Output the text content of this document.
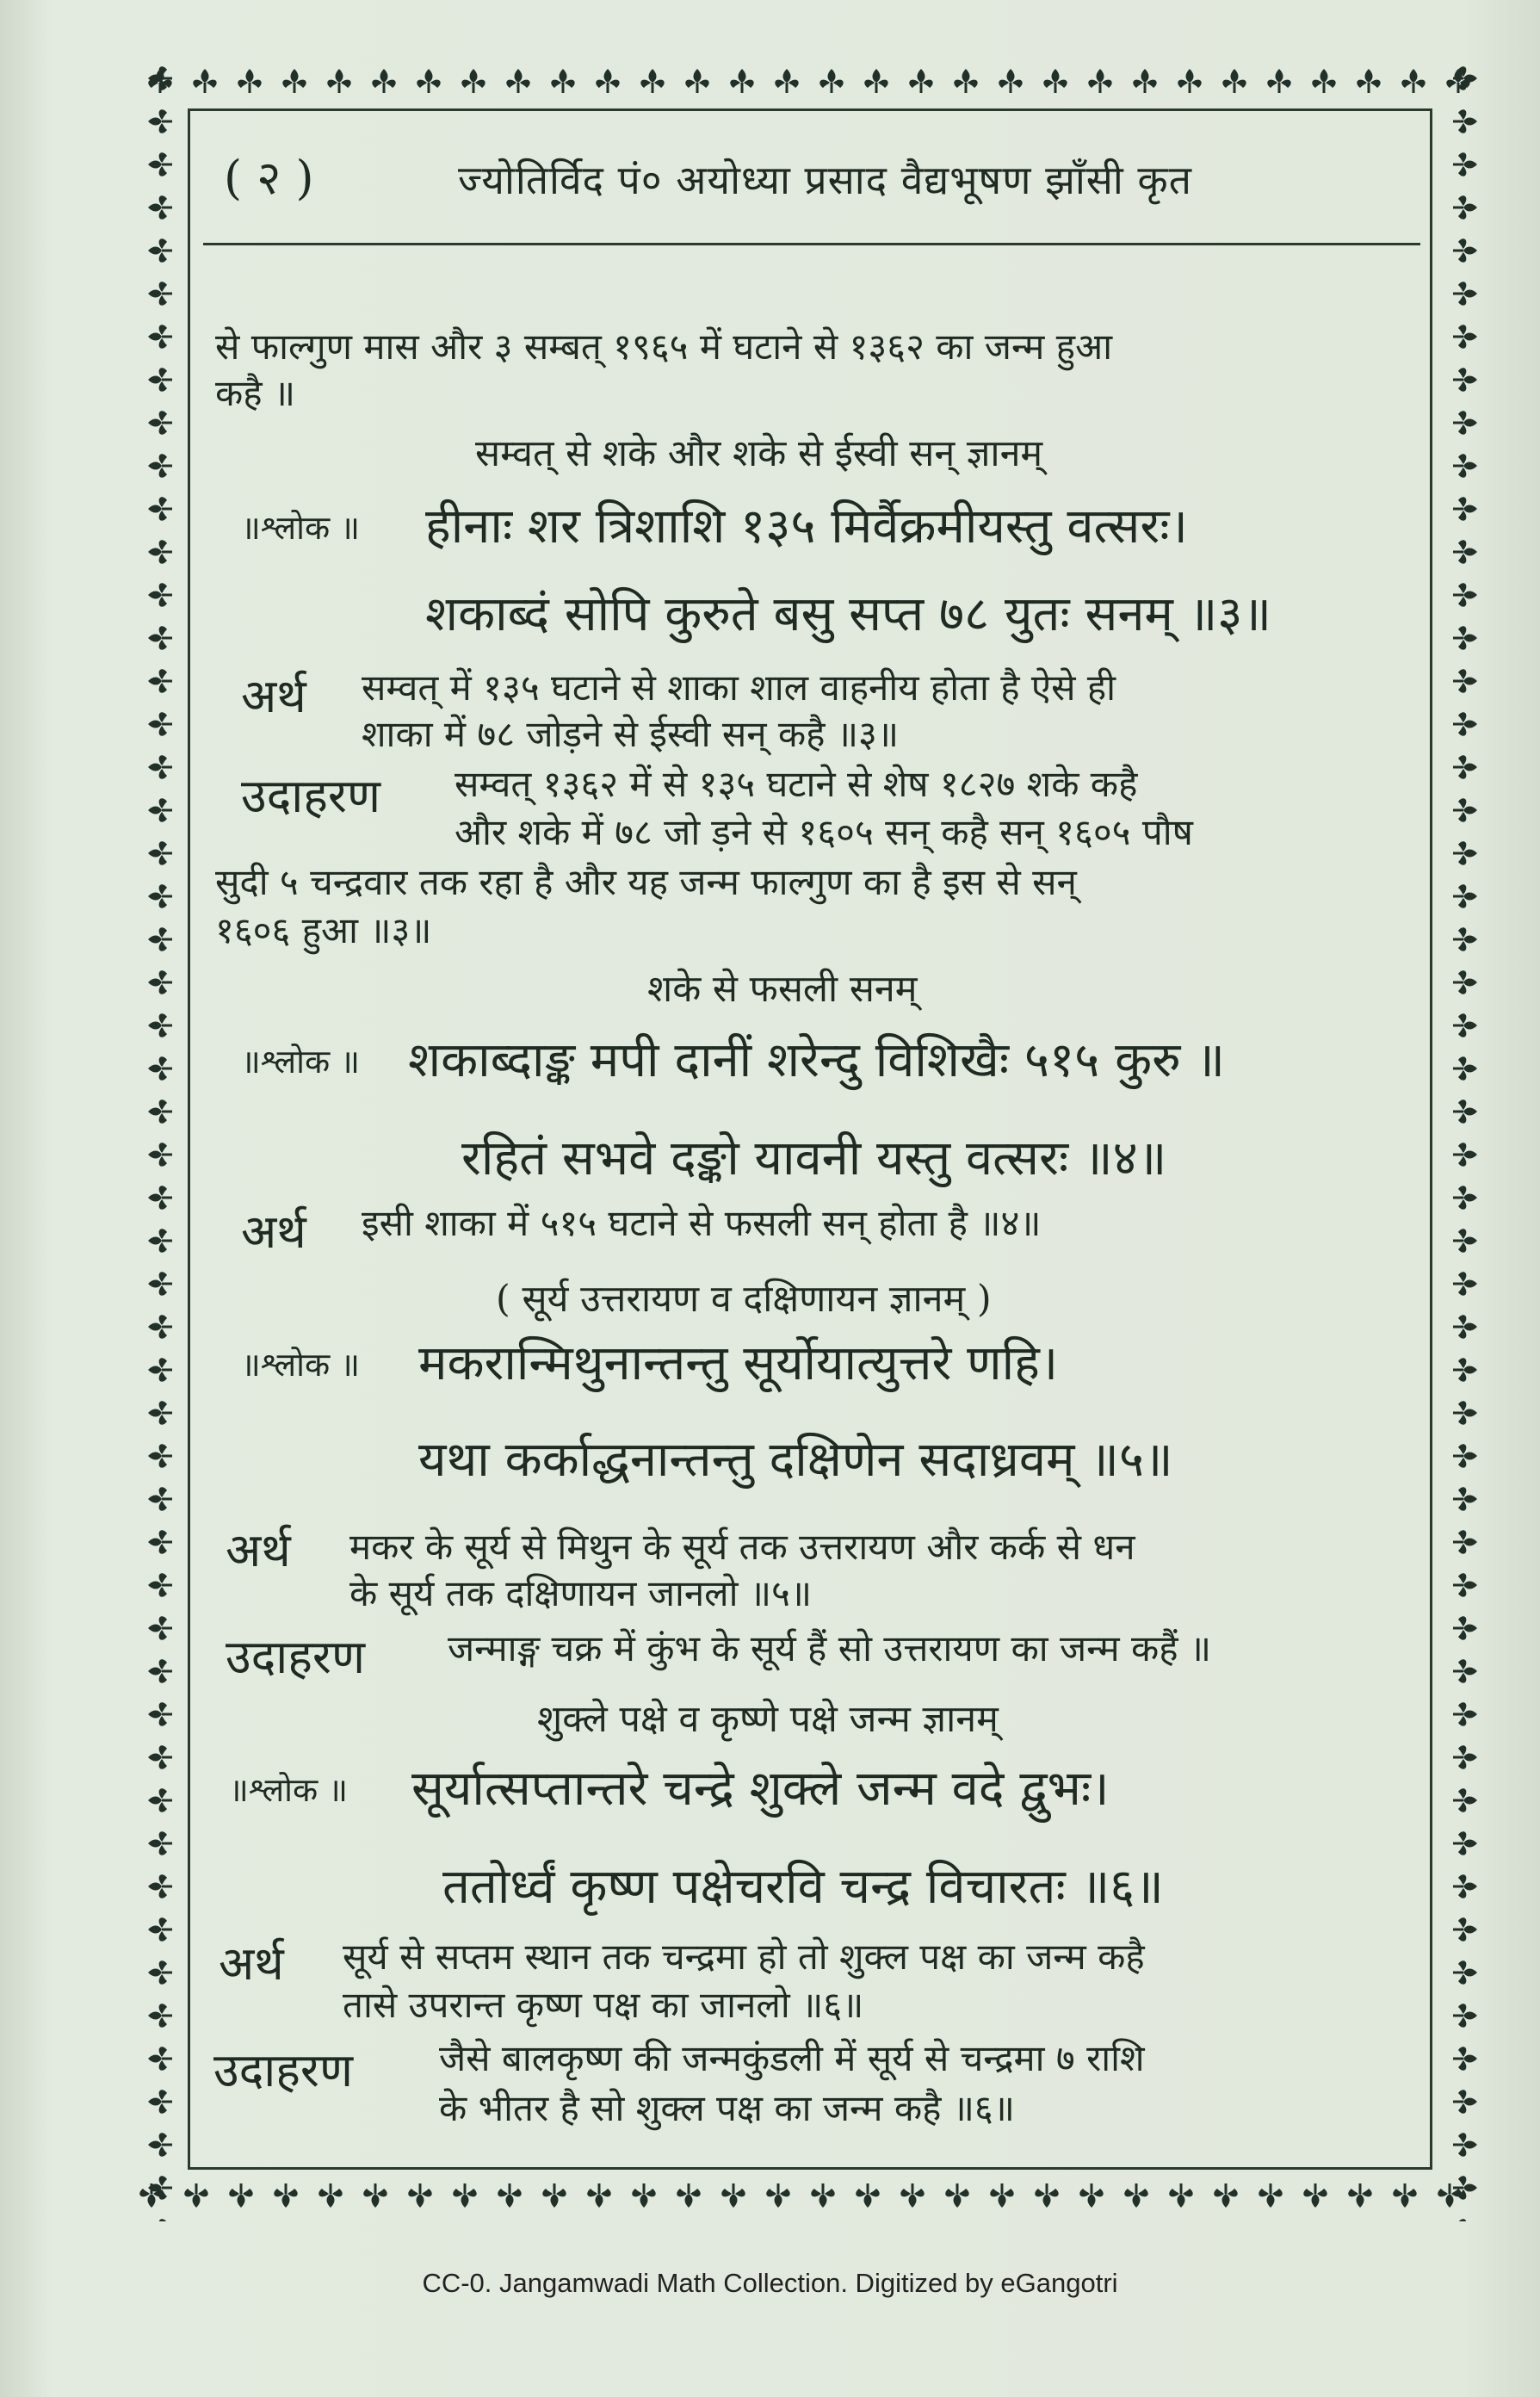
( २ )	ज्योतिर्विद पं० अयोध्या प्रसाद वैद्यभूषण झाँसी कृत
से फाल्गुण मास और ३ सम्बत् १९६५ में घटाने से १३६२ का जन्म हुआ
कहै ॥
सम्वत् से शके और शके से ईस्वी सन् ज्ञानम्
॥श्लोक ॥ हीनाः शर त्रिशाशि १३५ मिर्वैक्रमीयस्तु वत्सरः।
शकाब्दं सोपि कुरुते बसु सप्त ७८ युतः सनम् ॥३॥
अर्थ सम्वत् में १३५ घटाने से शाका शाल वाहनीय होता है ऐसे ही
शाका में ७८ जोड़ने से ईस्वी सन् कहै ॥३॥
उदाहरण सम्वत् १३६२ में से १३५ घटाने से शेष १८२७ शके कहै
और शके में ७८ जो ड़ने से १६०५ सन् कहै सन् १६०५ पौष
सुदी ५ चन्द्रवार तक रहा है और यह जन्म फाल्गुण का है इस से सन्
१६०६ हुआ ॥३॥
शके से फसली सनम्
॥श्लोक ॥ शकाब्दाङ्क मपी दानीं शरेन्दु विशिखैः ५१५ कुरु ॥
रहितं सभवे दङ्को यावनी यस्तु वत्सरः ॥४॥
अर्थ इसी शाका में ५१५ घटाने से फसली सन् होता है ॥४॥
( सूर्य उत्तरायण व दक्षिणायन ज्ञानम् )
॥श्लोक ॥ मकरान्मिथुनान्तन्तु सूर्योयात्युत्तरे णहि।
यथा कर्काद्धनान्तन्तु दक्षिणेन सदाध्रवम् ॥५॥
अर्थ मकर के सूर्य से मिथुन के सूर्य तक उत्तरायण और कर्क से धन
के सूर्य तक दक्षिणायन जानलो ॥५॥
उदाहरण जन्माङ्ग चक्र में कुंभ के सूर्य हैं सो उत्तरायण का जन्म कहैं ॥
शुक्ले पक्षे व कृष्णे पक्षे जन्म ज्ञानम्
॥श्लोक ॥ सूर्यात्सप्तान्तरे चन्द्रे शुक्ले जन्म वदे द्वुभः।
ततोर्ध्वं कृष्ण पक्षेचरवि चन्द्र विचारतः ॥६॥
अर्थ सूर्य से सप्तम स्थान तक चन्द्रमा हो तो शुक्ल पक्ष का जन्म कहै
तासे उपरान्त कृष्ण पक्ष का जानलो ॥६॥
उदाहरण जैसे बालकृष्ण की जन्मकुंडली में सूर्य से चन्द्रमा ७ राशि
के भीतर है सो शुक्ल पक्ष का जन्म कहै ॥६॥
CC-0. Jangamwadi Math Collection. Digitized by eGangotri
